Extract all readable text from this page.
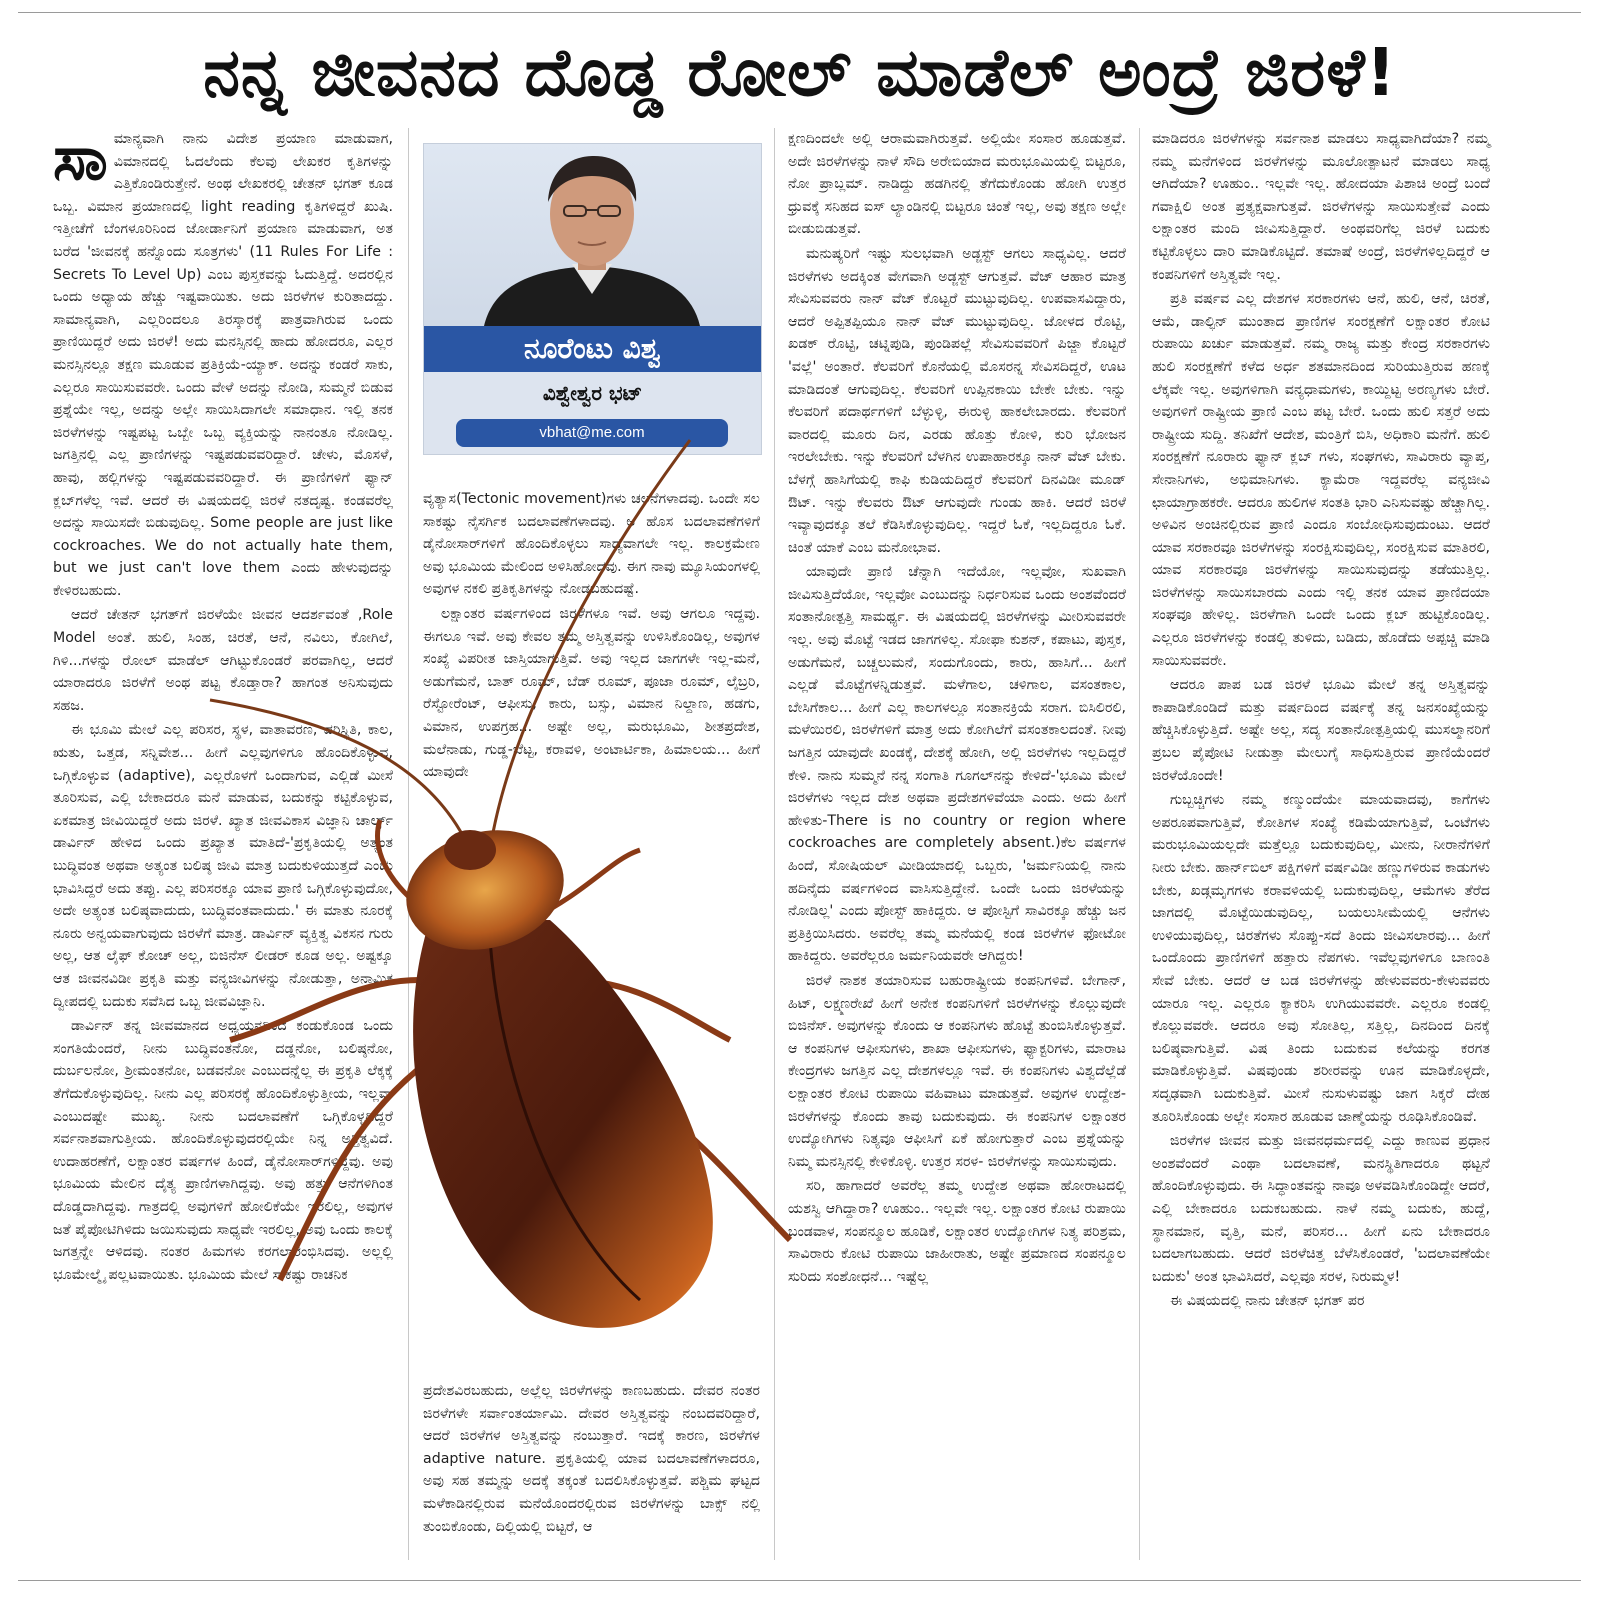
ನನ್ನ ಜೀವನದ ದೊಡ್ಡ ರೋಲ್ ಮಾಡೆಲ್ ಅಂದ್ರೆ ಜಿರಳೆ!
ಸಾ ಮಾನ್ಯವಾಗಿ ನಾನು ವಿದೇಶ ಪ್ರಯಾಣ ಮಾಡುವಾಗ, ವಿಮಾನದಲ್ಲಿ ಓದಲೆಂದು ಕೆಲವು ಲೇಖಕರ ಕೃತಿಗಳನ್ನು ಎತ್ತಿಕೊಂಡಿರುತ್ತೇನೆ. ಅಂಥ ಲೇಖಕರಲ್ಲಿ ಚೇತನ್ ಭಗತ್ ಕೂಡ ಒಬ್ಬ. ವಿಮಾನ ಪ್ರಯಾಣದಲ್ಲಿ light reading ಕೃತಿಗಳಿದ್ದರೆ ಖುಷಿ. ಇತ್ತೀಚೆಗೆ ಬೆಂಗಳೂರಿನಿಂದ ಜೋರ್ಡಾನಿಗೆ ಪ್ರಯಾಣ ಮಾಡುವಾಗ, ಅತ ಬರೆದ 'ಜೀವನಕ್ಕೆ ಹನ್ನೊಂದು ಸೂತ್ರಗಳು' (11 Rules For Life : Secrets To Level Up) ಎಂಬ ಪುಸ್ತಕವನ್ನು ಓದುತ್ತಿದ್ದೆ. ಅದರಲ್ಲಿನ ಒಂದು ಅಧ್ಯಾಯ ಹೆಚ್ಚು ಇಷ್ಟವಾಯಿತು. ಅದು ಜಿರಳೆಗಳ ಕುರಿತಾದದ್ದು. ಸಾಮಾನ್ಯವಾಗಿ, ಎಲ್ಲರಿಂದಲೂ ತಿರಸ್ಕಾರಕ್ಕೆ ಪಾತ್ರವಾಗಿರುವ ಒಂದು ಪ್ರಾಣಿಯಿದ್ದರೆ ಅದು ಜಿರಳೆ! ಅದು ಮನಸ್ಸಿನಲ್ಲಿ ಹಾದು ಹೋದರೂ, ಎಲ್ಲರ ಮನಸ್ಸಿನಲ್ಲೂ ತಕ್ಷಣ ಮೂಡುವ ಪ್ರತಿಕ್ರಿಯೆ-ಯ್ಯಾಕ್. ಅದನ್ನು ಕಂಡರೆ ಸಾಕು, ಎಲ್ಲರೂ ಸಾಯಿಸುವವರೇ. ಒಂದು ವೇಳೆ ಅದನ್ನು ನೋಡಿ, ಸುಮ್ಮನೆ ಬಿಡುವ ಪ್ರಶ್ನೆಯೇ ಇಲ್ಲ, ಅದನ್ನು ಅಲ್ಲೇ ಸಾಯಿಸಿದಾಗಲೇ ಸಮಾಧಾನ. ಇಲ್ಲಿ ತನಕ ಜಿರಳೆಗಳನ್ನು ಇಷ್ಟಪಟ್ಟ ಒಬ್ಬೇ ಒಬ್ಬ ವ್ಯಕ್ತಿಯನ್ನು ನಾನಂತೂ ನೋಡಿಲ್ಲ. ಜಗತ್ತಿನಲ್ಲಿ ಎಲ್ಲ ಪ್ರಾಣಿಗಳನ್ನು ಇಷ್ಟಪಡುವವರಿದ್ದಾರೆ. ಚೇಳು, ಮೊಸಳೆ, ಹಾವು, ಹಲ್ಲಿಗಳನ್ನು ಇಷ್ಟಪಡುವವರಿದ್ದಾರೆ. ಈ ಪ್ರಾಣಿಗಳಿಗೆ ಫ್ಯಾನ್ ಕ್ಲಬ್‌ಗಳೆಲ್ಲ ಇವೆ. ಆದರೆ ಈ ವಿಷಯದಲ್ಲಿ ಜಿರಳೆ ನತದೃಷ್ಟ. ಕಂಡವರೆಲ್ಲ ಅದನ್ನು ಸಾಯಿಸದೇ ಬಿಡುವುದಿಲ್ಲ. Some people are just like cockroaches. We do not actually hate them, but we just can't love them ಎಂದು ಹೇಳುವುದನ್ನು ಕೇಳಿರಬಹುದು.

ಆದರೆ ಚೇತನ್ ಭಗತ್‌ಗೆ ಜಿರಳೆಯೇ ಜೀವನ ಆದರ್ಶವಂತೆ ,Role Model ಅಂತೆ. ಹುಲಿ, ಸಿಂಹ, ಚಿರತೆ, ಆನೆ, ನವಿಲು, ಕೋಗಿಲೆ, ಗಿಳಿ...ಗಳನ್ನು ರೋಲ್ ಮಾಡೆಲ್ ಆಗಿಟ್ಟುಕೊಂಡರೆ ಪರವಾಗಿಲ್ಲ, ಆದರೆ ಯಾರಾದರೂ ಜಿರಳೆಗೆ ಅಂಥ ಪಟ್ಟ ಕೊಡ್ತಾರಾ? ಹಾಗಂತ ಅನಿಸುವುದು ಸಹಜ.

ಈ ಭೂಮಿ ಮೇಲೆ ಎಲ್ಲ ಪರಿಸರ, ಸ್ಥಳ, ವಾತಾವರಣ, ಪರಿಸ್ಥಿತಿ, ಕಾಲ, ಋತು, ಒತ್ತಡ, ಸನ್ನಿವೇಶ... ಹೀಗೆ ಎಲ್ಲವುಗಳಿಗೂ ಹೊಂದಿಕೊಳ್ಳುವ, ಒಗ್ಗಿಕೊಳ್ಳುವ (adaptive), ಎಲ್ಲರೊಳಗೆ ಒಂದಾಗುವ, ಎಲ್ಲಿಡೆ ಮೀಸೆ ತೂರಿಸುವ, ಎಲ್ಲಿ ಬೇಕಾದರೂ ಮನೆ ಮಾಡುವ, ಬದುಕನ್ನು ಕಟ್ಟಿಕೊಳ್ಳುವ, ಏಕಮಾತ್ರ ಜೀವಿಯಿದ್ದರೆ ಅದು ಜಿರಳೆ. ಖ್ಯಾತ ಜೀವವಿಕಾಸ ವಿಜ್ಞಾನಿ ಚಾರ್ಲ್ಸ್ ಡಾರ್ವಿನ್ ಹೇಳಿದ ಒಂದು ಪ್ರಖ್ಯಾತ ಮಾತಿದೆ-'ಪ್ರಕೃತಿಯಲ್ಲಿ ಅತ್ಯಂತ ಬುದ್ಧಿವಂತ ಅಥವಾ ಅತ್ಯಂತ ಬಲಿಷ್ಠ ಜೀವಿ ಮಾತ್ರ ಬದುಕುಳಿಯುತ್ತದೆ ಎಂದು ಭಾವಿಸಿದ್ದರೆ ಅದು ತಪ್ಪು. ಎಲ್ಲ ಪರಿಸರಕ್ಕೂ ಯಾವ ಪ್ರಾಣಿ ಒಗ್ಗಿಕೊಳ್ಳುವುದೋ, ಅದೇ ಅತ್ಯಂತ ಬಲಿಷ್ಠವಾದುದು, ಬುದ್ಧಿವಂತವಾದುದು.' ಈ ಮಾತು ನೂರಕ್ಕೆ ನೂರು ಅನ್ವಯವಾಗುವುದು ಜಿರಳೆಗೆ ಮಾತ್ರ. ಡಾರ್ವಿನ್ ವ್ಯಕ್ತಿತ್ವ ವಿಕಸನ ಗುರು ಅಲ್ಲ, ಆತ ಲೈಫ್ ಕೋಚ್ ಅಲ್ಲ, ಬಿಜಿನೆಸ್ ಲೀಡರ್ ಕೂಡ ಅಲ್ಲ. ಅಷ್ಟಕ್ಕೂ ಆತ ಜೀವನವಿಡೀ ಪ್ರಕೃತಿ ಮತ್ತು ವನ್ಯಜೀವಿಗಳನ್ನು ನೋಡುತ್ತಾ, ಅನಾಮಿಕ ದ್ವೀಪದಲ್ಲಿ ಬದುಕು ಸವೆಸಿದ ಒಬ್ಬ ಜೀವವಿಜ್ಞಾನಿ.

ಡಾರ್ವಿನ್ ತನ್ನ ಜೀವಮಾನದ ಅಧ್ಯಯನದಿಂದ ಕಂಡುಕೊಂಡ ಒಂದು ಸಂಗತಿಯೆಂದರೆ, ನೀನು ಬುದ್ಧಿವಂತನೋ, ದಡ್ಡನೋ, ಬಲಿಷ್ಠನೋ, ದುರ್ಬಲನೋ, ಶ್ರೀಮಂತನೋ, ಬಡವನೋ ಎಂಬುದನ್ನೆಲ್ಲ ಈ ಪ್ರಕೃತಿ ಲೆಕ್ಕಕ್ಕೆ ತೆಗೆದುಕೊಳ್ಳುವುದಿಲ್ಲ. ನೀನು ಎಲ್ಲ ಪರಿಸರಕ್ಕೆ ಹೊಂದಿಕೊಳ್ಳುತ್ತೀಯ, ಇಲ್ಲವಾ ಎಂಬುದಷ್ಟೇ ಮುಖ್ಯ. ನೀನು ಬದಲಾವಣೆಗೆ ಒಗ್ಗಿಕೊಳ್ಳದಿದ್ದರೆ ಸರ್ವನಾಶವಾಗುತ್ತೀಯ. ಹೊಂದಿಕೊಳ್ಳುವುದರಲ್ಲಿಯೇ ನಿನ್ನ ಅಸ್ತಿತ್ವವಿದೆ. ಉದಾಹರಣೆಗೆ, ಲಕ್ಷಾಂತರ ವರ್ಷಗಳ ಹಿಂದೆ, ಡೈನೋಸಾರ್‌ಗಳಿದ್ದವು. ಅವು ಭೂಮಿಯ ಮೇಲಿನ ದೈತ್ಯ ಪ್ರಾಣಿಗಳಾಗಿದ್ದವು. ಅವು ಹತ್ತು ಆನೆಗಳಿಗಿಂತ ದೊಡ್ಡದಾಗಿದ್ದವು. ಗಾತ್ರದಲ್ಲಿ ಅವುಗಳಿಗೆ ಹೋಲಿಕೆಯೇ ಇರಲಿಲ್ಲ, ಅವುಗಳ ಜತೆ ಪೈಪೋಟಿಗಿಳಿದು ಜಯಿಸುವುದು ಸಾಧ್ಯವೇ ಇರಲಿಲ್ಲ, ಅವು ಒಂದು ಕಾಲಕ್ಕೆ ಜಗತ್ತನ್ನೇ ಆಳಿದವು. ನಂತರ ಹಿಮಗಳು ಕರಗಲಾರಂಭಿಸಿದವು. ಅಲ್ಲಲ್ಲಿ ಭೂಮೇಲ್ಮೈ ಪಲ್ಲಟವಾಯಿತು. ಭೂಮಿಯ ಮೇಲೆ ಸಾಕಷ್ಟು ರಾಚನಿಕ

ನೂರೆಂಟು ವಿಶ್ವ
ವಿಶ್ವೇಶ್ವರ ಭಟ್
vbhat@me.com

ವ್ಯತ್ಯಾಸ(Tectonic movement)ಗಳು ಚಲನೆಗಳಾದವು. ಒಂದೇ ಸಲ ಸಾಕಷ್ಟು ನೈಸರ್ಗಿಕ ಬದಲಾವಣೆಗಳಾದವು. ಆ ಹೊಸ ಬದಲಾವಣೆಗಳಿಗೆ ಡೈನೋಸಾರ್‌ಗಳಿಗೆ ಹೊಂದಿಕೊಳ್ಳಲು ಸಾಧ್ಯವಾಗಲೇ ಇಲ್ಲ. ಕಾಲಕ್ರಮೇಣ ಅವು ಭೂಮಿಯ ಮೇಲಿಂದ ಅಳಿಸಿಹೋದವು. ಈಗ ನಾವು ಮ್ಯೂಸಿಯಂಗಳಲ್ಲಿ ಅವುಗಳ ನಕಲಿ ಪ್ರತಿಕೃತಿಗಳನ್ನು ನೋಡಬಹುದಷ್ಟೆ.

ಲಕ್ಷಾಂತರ ವರ್ಷಗಳಿಂದ ಜಿರಳೆಗಳೂ ಇವೆ. ಅವು ಆಗಲೂ ಇದ್ದವು. ಈಗಲೂ ಇವೆ. ಅವು ಕೇವಲ ತಮ್ಮ ಅಸ್ತಿತ್ವವನ್ನು ಉಳಿಸಿಕೊಂಡಿಲ್ಲ, ಅವುಗಳ ಸಂಖ್ಯೆ ವಿಪರೀತ ಜಾಸ್ತಿಯಾಗುತ್ತಿವೆ. ಅವು ಇಲ್ಲದ ಜಾಗಗಳೇ ಇಲ್ಲ-ಮನೆ, ಅಡುಗೆಮನೆ, ಬಾತ್ ರೂಮ್, ಬೆಡ್ ರೂಮ್, ಪೂಜಾ ರೂಮ್, ಲೈಬ್ರರಿ, ರೆಸ್ಟೋರೆಂಟ್, ಆಫೀಸು, ಕಾರು, ಬಸ್ಸು, ವಿಮಾನ ನಿಲ್ದಾಣ, ಹಡಗು, ವಿಮಾನ, ಉಪಗ್ರಹ... ಅಷ್ಟೇ ಅಲ್ಲ, ಮರುಭೂಮಿ, ಶೀತಪ್ರದೇಶ, ಮಲೆನಾಡು, ಗುಡ್ಡ-ಬೆಟ್ಟ, ಕರಾವಳಿ, ಅಂಟಾರ್ಟಿಕಾ, ಹಿಮಾಲಯ... ಹೀಗೆ ಯಾವುದೇ

ಪ್ರದೇಶವಿರಬಹುದು, ಅಲ್ಲೆಲ್ಲ ಜಿರಳೆಗಳನ್ನು ಕಾಣಬಹುದು. ದೇವರ ನಂತರ ಜಿರಳೆಗಳೇ ಸರ್ವಾಂತರ್ಯಾಮಿ. ದೇವರ ಅಸ್ತಿತ್ವವನ್ನು ನಂಬದವರಿದ್ದಾರೆ, ಆದರೆ ಜಿರಳೆಗಳ ಅಸ್ತಿತ್ವವನ್ನು ನಂಬುತ್ತಾರೆ. ಇದಕ್ಕೆ ಕಾರಣ, ಜಿರಳೆಗಳ adaptive nature. ಪ್ರಕೃತಿಯಲ್ಲಿ ಯಾವ ಬದಲಾವಣೆಗಳಾದರೂ, ಅವು ಸಹ ತಮ್ಮನ್ನು ಅದಕ್ಕೆ ತಕ್ಕಂತೆ ಬದಲಿಸಿಕೊಳ್ಳುತ್ತವೆ. ಪಶ್ಚಿಮ ಘಟ್ಟದ ಮಳೆಕಾಡಿನಲ್ಲಿರುವ ಮನೆಯೊಂದರಲ್ಲಿರುವ ಜಿರಳೆಗಳನ್ನು ಬಾಕ್ಸ್ ನಲ್ಲಿ ತುಂಬಿಕೊಂಡು, ದಿಲ್ಲಿಯಲ್ಲಿ ಬಿಟ್ಟರೆ, ಆ

ಕ್ಷಣದಿಂದಲೇ ಅಲ್ಲಿ ಆರಾಮವಾಗಿರುತ್ತವೆ. ಅಲ್ಲಿಯೇ ಸಂಸಾರ ಹೂಡುತ್ತವೆ. ಅದೇ ಜಿರಳೆಗಳನ್ನು ನಾಳೆ ಸೌದಿ ಅರೇಬಿಯಾದ ಮರುಭೂಮಿಯಲ್ಲಿ ಬಿಟ್ಟರೂ, ನೋ ಪ್ರಾಬ್ಲಮ್. ನಾಡಿದ್ದು ಹಡಗಿನಲ್ಲಿ ತೆಗೆದುಕೊಂಡು ಹೋಗಿ ಉತ್ತರ ಧ್ರುವಕ್ಕೆ ಸನಿಹದ ಐಸ್ ಲ್ಯಾಂಡಿನಲ್ಲಿ ಬಿಟ್ಟರೂ ಚಿಂತೆ ಇಲ್ಲ, ಅವು ತಕ್ಷಣ ಅಲ್ಲೇ ಬೀಡುಬಿಡುತ್ತವೆ.

ಮನುಷ್ಯರಿಗೆ ಇಷ್ಟು ಸುಲಭವಾಗಿ ಅಡ್ಜಸ್ಟ್ ಆಗಲು ಸಾಧ್ಯವಿಲ್ಲ. ಆದರೆ ಜಿರಳೆಗಳು ಅದಕ್ಕಿಂತ ವೇಗವಾಗಿ ಅಡ್ಜಸ್ಟ್ ಆಗುತ್ತವೆ. ವೆಜ್ ಆಹಾರ ಮಾತ್ರ ಸೇವಿಸುವವರು ನಾನ್ ವೆಜ್ ಕೊಟ್ಟರೆ ಮುಟ್ಟುವುದಿಲ್ಲ. ಉಪವಾಸವಿದ್ದಾರು, ಆದರೆ ಅಪ್ಪಿತಪ್ಪಿಯೂ ನಾನ್ ವೆಜ್ ಮುಟ್ಟುವುದಿಲ್ಲ. ಜೋಳದ ರೊಟ್ಟಿ, ಖಡಕ್ ರೊಟ್ಟಿ, ಚಟ್ನಿಪುಡಿ, ಪುಂಡಿಪಲ್ಲೆ ಸೇವಿಸುವವರಿಗೆ ಪಿಜ್ಜಾ ಕೊಟ್ಟರೆ 'ವಲ್ಲೆ' ಅಂತಾರೆ. ಕೆಲವರಿಗೆ ಕೊನೆಯಲ್ಲಿ ಮೊಸರನ್ನ ಸೇವಿಸದಿದ್ದರೆ, ಊಟ ಮಾಡಿದಂತೆ ಆಗುವುದಿಲ್ಲ. ಕೆಲವರಿಗೆ ಉಪ್ಪಿನಕಾಯಿ ಬೇಕೇ ಬೇಕು. ಇನ್ನು ಕೆಲವರಿಗೆ ಪದಾರ್ಥಗಳಿಗೆ ಬೆಳ್ಳುಳ್ಳಿ, ಈರುಳ್ಳಿ ಹಾಕಲೇಬಾರದು. ಕೆಲವರಿಗೆ ವಾರದಲ್ಲಿ ಮೂರು ದಿನ, ಎರಡು ಹೊತ್ತು ಕೋಳಿ, ಕುರಿ ಭೋಜನ ಇರಲೇಬೇಕು. ಇನ್ನು ಕೆಲವರಿಗೆ ಬೆಳಗಿನ ಉಪಾಹಾರಕ್ಕೂ ನಾನ್ ವೆಜ್ ಬೇಕು. ಬೆಳಗ್ಗೆ ಹಾಸಿಗೆಯಲ್ಲಿ ಕಾಫಿ ಕುಡಿಯದಿದ್ದರೆ ಕೆಲವರಿಗೆ ದಿನವಿಡೀ ಮೂಡ್ ಔಟ್. ಇನ್ನು ಕೆಲವರು ಔಟ್ ಆಗುವುದೇ ಗುಂಡು ಹಾಕಿ. ಆದರೆ ಜಿರಳೆ ಇವ್ಯಾವುದಕ್ಕೂ ತಲೆ ಕೆಡಿಸಿಕೊಳ್ಳುವುದಿಲ್ಲ. ಇದ್ದರೆ ಓಕೆ, ಇಲ್ಲದಿದ್ದರೂ ಓಕೆ. ಚಿಂತೆ ಯಾಕೆ ಎಂಬ ಮನೋಭಾವ.

ಯಾವುದೇ ಪ್ರಾಣಿ ಚೆನ್ನಾಗಿ ಇದೆಯೋ, ಇಲ್ಲವೋ, ಸುಖವಾಗಿ ಜೀವಿಸುತ್ತಿದೆಯೋ, ಇಲ್ಲವೋ ಎಂಬುದನ್ನು ನಿರ್ಧರಿಸುವ ಒಂದು ಅಂಶವೆಂದರೆ ಸಂತಾನೋತ್ಪತ್ತಿ ಸಾಮರ್ಥ್ಯ. ಈ ವಿಷಯದಲ್ಲಿ ಜಿರಳೆಗಳನ್ನು ಮೀರಿಸುವವರೇ ಇಲ್ಲ. ಅವು ಮೊಟ್ಟೆ ಇಡದ ಜಾಗಗಳಿಲ್ಲ. ಸೋಫಾ ಕುಶನ್, ಕಪಾಟು, ಪುಸ್ತಕ, ಅಡುಗೆಮನೆ, ಬಚ್ಚಲುಮನೆ, ಸಂದುಗೊಂದು, ಕಾರು, ಹಾಸಿಗೆ... ಹೀಗೆ ಎಲ್ಲಡೆ ಮೊಟ್ಟೆಗಳನ್ನಿಡುತ್ತವೆ. ಮಳೆಗಾಲ, ಚಳಿಗಾಲ, ವಸಂತಕಾಲ, ಬೇಸಿಗೆಕಾಲ... ಹೀಗೆ ಎಲ್ಲ ಕಾಲಗಳಲ್ಲೂ ಸಂತಾನಕ್ರಿಯೆ ಸರಾಗ. ಬಿಸಿಲಿರಲಿ, ಮಳೆಯಿರಲಿ, ಜಿರಳೆಗಳಿಗೆ ಮಾತ್ರ ಅದು ಕೋಗಿಲೆಗೆ ವಸಂತಕಾಲದಂತೆ. ನೀವು ಜಗತ್ತಿನ ಯಾವುದೇ ಖಂಡಕ್ಕೆ, ದೇಶಕ್ಕೆ ಹೋಗಿ, ಅಲ್ಲಿ ಜಿರಳೆಗಳು ಇಲ್ಲದಿದ್ದರೆ ಕೇಳಿ. ನಾನು ಸುಮ್ಮನೆ ನನ್ನ ಸಂಗಾತಿ ಗೂಗಲ್‌ನನ್ನು ಕೇಳಿದೆ-'ಭೂಮಿ ಮೇಲೆ ಜಿರಳೆಗಳು ಇಲ್ಲದ ದೇಶ ಅಥವಾ ಪ್ರದೇಶಗಳಿವೆಯಾ ಎಂದು. ಅದು ಹೀಗೆ ಹೇಳಿತು-There is no country or region where cockroaches are completely absent.)ಕೆಲ ವರ್ಷಗಳ ಹಿಂದೆ, ಸೋಷಿಯಲ್ ಮೀಡಿಯಾದಲ್ಲಿ ಒಬ್ಬರು, 'ಜರ್ಮನಿಯಲ್ಲಿ ನಾನು ಹದಿನೈದು ವರ್ಷಗಳಿಂದ ವಾಸಿಸುತ್ತಿದ್ದೇನೆ. ಒಂದೇ ಒಂದು ಜಿರಳೆಯನ್ನು ನೋಡಿಲ್ಲ' ಎಂದು ಪೋಸ್ಟ್ ಹಾಕಿದ್ದರು. ಆ ಪೋಸ್ಟಿಗೆ ಸಾವಿರಕ್ಕೂ ಹೆಚ್ಚು ಜನ ಪ್ರತಿಕ್ರಿಯಿಸಿದರು. ಅವರೆಲ್ಲ ತಮ್ಮ ಮನೆಯಲ್ಲಿ ಕಂಡ ಜಿರಳೆಗಳ ಫೋಟೋ ಹಾಕಿದ್ದರು. ಅವರೆಲ್ಲರೂ ಜರ್ಮನಿಯವರೇ ಆಗಿದ್ದರು!

ಜಿರಳೆ ನಾಶಕ ತಯಾರಿಸುವ ಬಹುರಾಷ್ಟ್ರೀಯ ಕಂಪನಿಗಳಿವೆ. ಬೇಗಾನ್, ಹಿಟ್, ಲಕ್ಷ್ಮಣರೇಖೆ ಹೀಗೆ ಅನೇಕ ಕಂಪನಿಗಳಿಗೆ ಜಿರಳೆಗಳನ್ನು ಕೊಲ್ಲುವುದೇ ಬಿಜಿನೆಸ್. ಅವುಗಳನ್ನು ಕೊಂದು ಆ ಕಂಪನಿಗಳು ಹೊಟ್ಟೆ ತುಂಬಿಸಿಕೊಳ್ಳುತ್ತವೆ. ಆ ಕಂಪನಿಗಳ ಆಫೀಸುಗಳು, ಶಾಖಾ ಆಫೀಸುಗಳು, ಫ್ಯಾಕ್ಟರಿಗಳು, ಮಾರಾಟ ಕೇಂದ್ರಗಳು ಜಗತ್ತಿನ ಎಲ್ಲ ದೇಶಗಳಲ್ಲೂ ಇವೆ. ಈ ಕಂಪನಿಗಳು ವಿಶ್ವದೆಲ್ಲೆಡೆ ಲಕ್ಷಾಂತರ ಕೋಟಿ ರುಪಾಯಿ ವಹಿವಾಟು ಮಾಡುತ್ತವೆ. ಅವುಗಳ ಉದ್ದೇಶ-ಜಿರಳೆಗಳನ್ನು ಕೊಂದು ತಾವು ಬದುಕುವುದು. ಈ ಕಂಪನಿಗಳ ಲಕ್ಷಾಂತರ ಉದ್ಯೋಗಿಗಳು ನಿತ್ಯವೂ ಆಫೀಸಿಗೆ ಏಕೆ ಹೋಗುತ್ತಾರೆ ಎಂಬ ಪ್ರಶ್ನೆಯನ್ನು ನಿಮ್ಮ ಮನಸ್ಸಿನಲ್ಲಿ ಕೇಳಿಕೊಳ್ಳಿ. ಉತ್ತರ ಸರಳ- ಜಿರಳೆಗಳನ್ನು ಸಾಯಿಸುವುದು.

ಸರಿ, ಹಾಗಾದರೆ ಅವರೆಲ್ಲ ತಮ್ಮ ಉದ್ದೇಶ ಅಥವಾ ಹೋರಾಟದಲ್ಲಿ ಯಶಸ್ವಿ ಆಗಿದ್ದಾರಾ? ಊಹುಂ.. ಇಲ್ಲವೇ ಇಲ್ಲ. ಲಕ್ಷಾಂತರ ಕೋಟಿ ರುಪಾಯಿ ಬಂಡವಾಳ, ಸಂಪನ್ಮೂಲ ಹೂಡಿಕೆ, ಲಕ್ಷಾಂತರ ಉದ್ಯೋಗಿಗಳ ನಿತ್ಯ ಪರಿಶ್ರಮ, ಸಾವಿರಾರು ಕೋಟಿ ರುಪಾಯಿ ಜಾಹೀರಾತು, ಅಷ್ಟೇ ಪ್ರಮಾಣದ ಸಂಪನ್ಮೂಲ ಸುರಿದು ಸಂಶೋಧನೆ... ಇಷ್ಟೆಲ್ಲ

ಮಾಡಿದರೂ ಜಿರಳೆಗಳನ್ನು ಸರ್ವನಾಶ ಮಾಡಲು ಸಾಧ್ಯವಾಗಿದೆಯಾ? ನಮ್ಮ ನಮ್ಮ ಮನೆಗಳಿಂದ ಜಿರಳೆಗಳನ್ನು ಮೂಲೋತ್ಪಾಟನೆ ಮಾಡಲು ಸಾಧ್ಯ ಆಗಿದೆಯಾ? ಊಹುಂ.. ಇಲ್ಲವೇ ಇಲ್ಲ. ಹೋದಯಾ ಪಿಶಾಚಿ ಅಂದ್ರೆ ಬಂದೆ ಗವಾಕ್ಷಿಲಿ ಅಂತ ಪ್ರತ್ಯಕ್ಷವಾಗುತ್ತವೆ. ಜಿರಳೆಗಳನ್ನು ಸಾಯಿಸುತ್ತೇವೆ ಎಂದು ಲಕ್ಷಾಂತರ ಮಂದಿ ಜೀವಿಸುತ್ತಿದ್ದಾರೆ. ಅಂಥವರಿಗೆಲ್ಲ ಜಿರಳೆ ಬದುಕು ಕಟ್ಟಿಕೊಳ್ಳಲು ದಾರಿ ಮಾಡಿಕೊಟ್ಟಿದೆ. ತಮಾಷೆ ಅಂದ್ರೆ, ಜಿರಳೆಗಳಿಲ್ಲದಿದ್ದರೆ ಆ ಕಂಪನಿಗಳಿಗೆ ಅಸ್ತಿತ್ವವೇ ಇಲ್ಲ.

ಪ್ರತಿ ವರ್ಷವ ಎಲ್ಲ ದೇಶಗಳ ಸರಕಾರಗಳು ಆನೆ, ಹುಲಿ, ಆನೆ, ಚಿರತೆ, ಆಮೆ, ಡಾಲ್ಫಿನ್ ಮುಂತಾದ ಪ್ರಾಣಿಗಳ ಸಂರಕ್ಷಣೆಗೆ ಲಕ್ಷಾಂತರ ಕೋಟಿ ರುಪಾಯಿ ಖರ್ಚು ಮಾಡುತ್ತವೆ. ನಮ್ಮ ರಾಜ್ಯ ಮತ್ತು ಕೇಂದ್ರ ಸರಕಾರಗಳು ಹುಲಿ ಸಂರಕ್ಷಣೆಗೆ ಕಳೆದ ಅರ್ಧ ಶತಮಾನದಿಂದ ಸುರಿಯುತ್ತಿರುವ ಹಣಕ್ಕೆ ಲೆಕ್ಕವೇ ಇಲ್ಲ. ಅವುಗಳಿಗಾಗಿ ವನ್ಯಧಾಮಗಳು, ಕಾಯ್ದಿಟ್ಟ ಅರಣ್ಯಗಳು ಬೇರೆ. ಅವುಗಳಿಗೆ ರಾಷ್ಟ್ರೀಯ ಪ್ರಾಣಿ ಎಂಬ ಪಟ್ಟ ಬೇರೆ. ಒಂದು ಹುಲಿ ಸತ್ತರೆ ಅದು ರಾಷ್ಟ್ರೀಯ ಸುದ್ದಿ. ತನಿಖೆಗೆ ಆದೇಶ, ಮಂತ್ರಿಗೆ ಬಿಸಿ, ಅಧಿಕಾರಿ ಮನೆಗೆ. ಹುಲಿ ಸಂರಕ್ಷಣೆಗೆ ನೂರಾರು ಫ್ಯಾನ್ ಕ್ಲಬ್ ಗಳು, ಸಂಘಗಳು, ಸಾವಿರಾರು ವ್ಯಾಪ್ತ, ಸೇನಾನಿಗಳು, ಅಭಿಮಾನಿಗಳು. ಕ್ಯಾಮೆರಾ ಇದ್ದವರೆಲ್ಲ ವನ್ಯಜೀವಿ ಛಾಯಾಗ್ರಾಹಕರೇ. ಆದರೂ ಹುಲಿಗಳ ಸಂತತಿ ಭಾರಿ ಎನಿಸುವಷ್ಟು ಹೆಚ್ಚಾಗಿಲ್ಲ. ಅಳಿವಿನ ಅಂಚಿನಲ್ಲಿರುವ ಪ್ರಾಣಿ ಎಂದೂ ಸಂಬೋಧಿಸುವುದುಂಟು. ಆದರೆ ಯಾವ ಸರಕಾರವೂ ಜಿರಳೆಗಳನ್ನು ಸಂರಕ್ಷಿಸುವುದಿಲ್ಲ, ಸಂರಕ್ಷಿಸುವ ಮಾತಿರಲಿ, ಯಾವ ಸರಕಾರವೂ ಜಿರಳೆಗಳನ್ನು ಸಾಯಿಸುವುದನ್ನು ತಡೆಯುತ್ತಿಲ್ಲ. ಜಿರಳೆಗಳನ್ನು ಸಾಯಿಸಬಾರದು ಎಂದು ಇಲ್ಲಿ ತನಕ ಯಾವ ಪ್ರಾಣಿದಯಾ ಸಂಘವೂ ಹೇಳಿಲ್ಲ. ಜಿರಳೆಗಾಗಿ ಒಂದೇ ಒಂದು ಕ್ಲಬ್ ಹುಟ್ಟಿಕೊಂಡಿಲ್ಲ. ಎಲ್ಲರೂ ಜಿರಳೆಗಳನ್ನು ಕಂಡಲ್ಲಿ ತುಳಿದು, ಬಡಿದು, ಹೊಡೆದು ಅಪ್ಪಚ್ಚಿ ಮಾಡಿ ಸಾಯಿಸುವವರೇ.

ಆದರೂ ಪಾಪ ಬಡ ಜಿರಳೆ ಭೂಮಿ ಮೇಲೆ ತನ್ನ ಅಸ್ತಿತ್ವವನ್ನು ಕಾಪಾಡಿಕೊಂಡಿದೆ ಮತ್ತು ವರ್ಷದಿಂದ ವರ್ಷಕ್ಕೆ ತನ್ನ ಜನಸಂಖ್ಯೆಯನ್ನು ಹೆಚ್ಚಿಸಿಕೊಳ್ಳುತ್ತಿದೆ. ಅಷ್ಟೇ ಅಲ್ಲ, ಸದ್ಯ ಸಂತಾನೋತ್ಪತ್ತಿಯಲ್ಲಿ ಮುಸಲ್ಮಾನರಿಗೆ ಪ್ರಬಲ ಪೈಪೋಟಿ ನೀಡುತ್ತಾ ಮೇಲುಗೈ ಸಾಧಿಸುತ್ತಿರುವ ಪ್ರಾಣಿಯೆಂದರೆ ಜಿರಳೆಯೊಂದೇ!

ಗುಬ್ಬಚ್ಚಿಗಳು ನಮ್ಮ ಕಣ್ಮುಂದೆಯೇ ಮಾಯವಾದವು, ಕಾಗೆಗಳು ಅಪರೂಪವಾಗುತ್ತಿವೆ, ಕೋತಿಗಳ ಸಂಖ್ಯೆ ಕಡಿಮೆಯಾಗುತ್ತಿವೆ, ಒಂಟೆಗಳು ಮರುಭೂಮಿಯಲ್ಲದೇ ಮತ್ತೆಲ್ಲೂ ಬದುಕುವುದಿಲ್ಲ, ಮೀನು, ನೀರಾನೆಗಳಿಗೆ ನೀರು ಬೇಕು. ಹಾರ್ನ್‌ಬಿಲ್ ಪಕ್ಷಿಗಳಿಗೆ ವರ್ಷವಿಡೀ ಹಣ್ಣುಗಳಿರುವ ಕಾಡುಗಳು ಬೇಕು, ಖಡ್ಗಮೃಗಗಳು ಕರಾವಳಿಯಲ್ಲಿ ಬದುಕುವುದಿಲ್ಲ, ಆಮೆಗಳು ತೆರೆದ ಜಾಗದಲ್ಲಿ ಮೊಟ್ಟೆಯಿಡುವುದಿಲ್ಲ, ಬಯಲುಸೀಮೆಯಲ್ಲಿ ಆನೆಗಳು ಉಳಿಯುವುದಿಲ್ಲ, ಚಿರತೆಗಳು ಸೊಪ್ಪು-ಸದೆ ತಿಂದು ಜೀವಿಸಲಾರವು... ಹೀಗೆ ಒಂದೊಂದು ಪ್ರಾಣಿಗಳಿಗೆ ಹತ್ತಾರು ನೆಪಗಳು. ಇವೆಲ್ಲವುಗಳಿಗೂ ಬಾಣಂತಿ ಸೇವೆ ಬೇಕು. ಆದರೆ ಆ ಬಡ ಜಿರಳೆಗಳನ್ನು ಹೇಳುವವರು-ಕೇಳುವವರು ಯಾರೂ ಇಲ್ಲ. ಎಲ್ಲರೂ ಕ್ಯಾಕರಿಸಿ ಉಗಿಯುವವರೇ. ಎಲ್ಲರೂ ಕಂಡಲ್ಲಿ ಕೊಲ್ಲುವವರೇ. ಆದರೂ ಅವು ಸೋತಿಲ್ಲ, ಸತ್ತಿಲ್ಲ, ದಿನದಿಂದ ದಿನಕ್ಕೆ ಬಲಿಷ್ಠವಾಗುತ್ತಿವೆ. ವಿಷ ತಿಂದು ಬದುಕುವ ಕಲೆಯನ್ನು ಕರಗತ ಮಾಡಿಕೊಳ್ಳುತ್ತಿವೆ. ವಿಷವುಂಡು ಶರೀರವನ್ನು ಊನ ಮಾಡಿಕೊಳ್ಳದೇ, ಸದೃಢವಾಗಿ ಬದುಕುತ್ತಿವೆ. ಮೀಸೆ ನುಸುಳುವಷ್ಟು ಜಾಗ ಸಿಕ್ಕರೆ ದೇಹ ತೂರಿಸಿಕೊಂಡು ಅಲ್ಲೇ ಸಂಸಾರ ಹೂಡುವ ಜಾಣ್ಮೆಯನ್ನು ರೂಢಿಸಿಕೊಂಡಿವೆ.

ಜಿರಳೆಗಳ ಜೀವನ ಮತ್ತು ಜೀವನಧರ್ಮದಲ್ಲಿ ಎದ್ದು ಕಾಣುವ ಪ್ರಧಾನ ಅಂಶವೆಂದರೆ ಎಂಥಾ ಬದಲಾವಣೆ, ಮನಸ್ಥಿತಿಗಾದರೂ ಥಟ್ಟನೆ ಹೊಂದಿಕೊಳ್ಳುವುದು. ಈ ಸಿದ್ಧಾಂತವನ್ನು ನಾವೂ ಅಳವಡಿಸಿಕೊಂಡಿದ್ದೇ ಆದರೆ, ಎಲ್ಲಿ ಬೇಕಾದರೂ ಬದುಕಬಹುದು. ನಾಳೆ ನಮ್ಮ ಬದುಕು, ಹುದ್ದೆ, ಸ್ಥಾನಮಾನ, ವೃತ್ತಿ, ಮನೆ, ಪರಿಸರ... ಹೀಗೆ ಏನು ಬೇಕಾದರೂ ಬದಲಾಗಬಹುದು. ಆದರೆ ಜಿರಳೆಚಿತ್ತ ಬೆಳೆಸಿಕೊಂಡರೆ, 'ಬದಲಾವಣೆಯೇ ಬದುಕು' ಅಂತ ಭಾವಿಸಿದರೆ, ಎಲ್ಲವೂ ಸರಳ, ನಿರುಮ್ಮಳ!

ಈ ವಿಷಯದಲ್ಲಿ ನಾನು ಚೇತನ್ ಭಗತ್ ಪರ
